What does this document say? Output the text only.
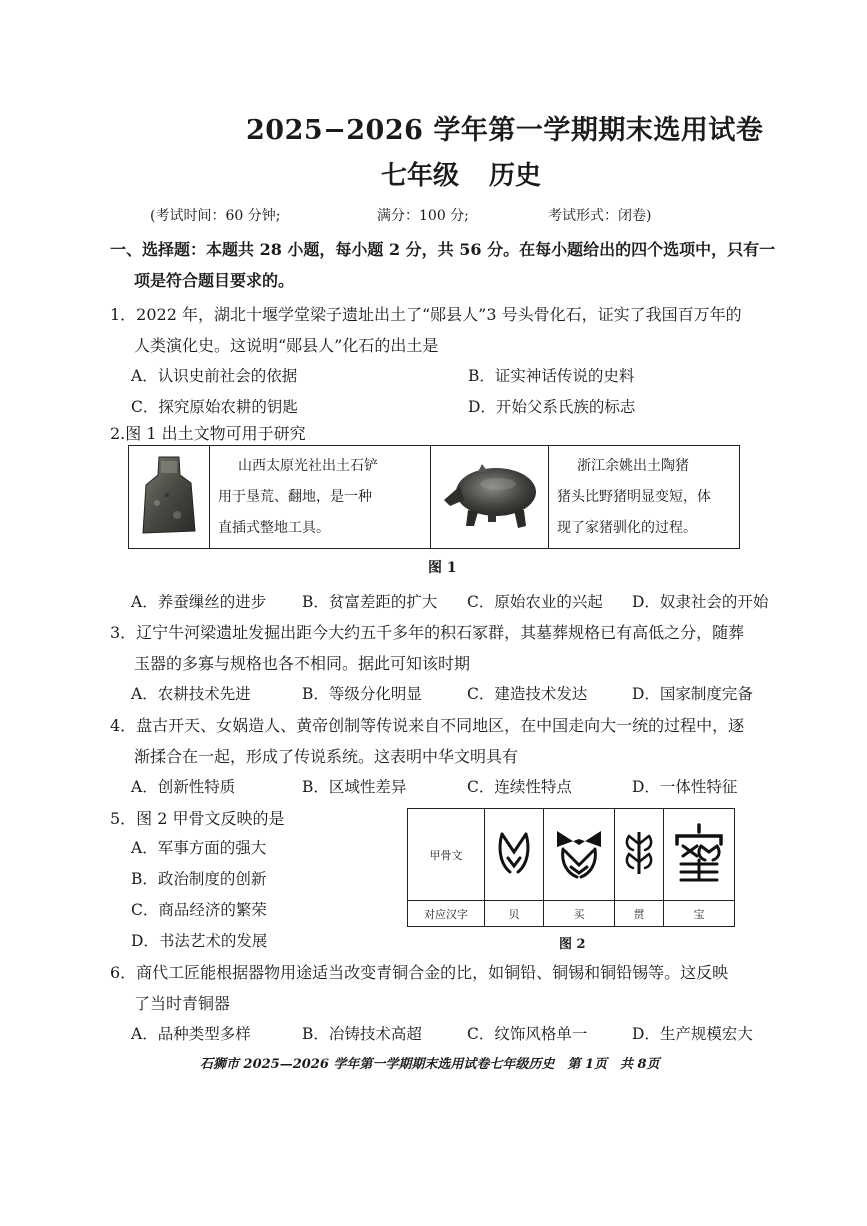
2025−2026 学年第一学期期末选用试卷
七年级 历史
(考试时间：60 分钟;	满分：100 分;	考试形式：闭卷)
一、选择题：本题共 28 小题，每小题 2 分，共 56 分。在每小题给出的四个选项中，只有一
项是符合题目要求的。
1．2022 年，湖北十堰学堂梁子遗址出土了“郧县人”3 号头骨化石，证实了我国百万年的
人类演化史。这说明“郧县人”化石的出土是
A．认识史前社会的依据	B．证实神话传说的史料
C．探究原始农耕的钥匙	D．开始父系氏族的标志
2.图 1 出土文物可用于研究

山西太原光社出土石铲
用于垦荒、翻地，是一种
直插式整地工具。

浙江余姚出土陶猪
猪头比野猪明显变短，体
现了家猪驯化的过程。
图 1
A．养蚕缫丝的进步 B．贫富差距的扩大 C．原始农业的兴起 D．奴隶社会的开始
3．辽宁牛河梁遗址发掘出距今大约五千多年的积石冢群，其墓葬规格已有高低之分，随葬
玉器的多寡与规格也各不相同。据此可知该时期
A．农耕技术先进	B．等级分化明显	C．建造技术发达	D．国家制度完备
4．盘古开天、女娲造人、黄帝创制等传说来自不同地区，在中国走向大一统的过程中，逐
渐揉合在一起，形成了传说系统。这表明中华文明具有
A．创新性特质	B．区域性差异	C．连续性特点	D．一体性特征
5．图 2 甲骨文反映的是
A．军事方面的强大
B．政治制度的创新
C．商品经济的繁荣
D．书法艺术的发展
甲骨文				
对应汉字	贝	买	贯	宝
图 2
6．商代工匠能根据器物用途适当改变青铜合金的比，如铜铅、铜锡和铜铅锡等。这反映
了当时青铜器
A．品种类型多样	B．冶铸技术高超	C．纹饰风格单一	D．生产规模宏大
石狮市 2025—2026 学年第一学期期末选用试卷七年级历史　第 1页　共 8页
